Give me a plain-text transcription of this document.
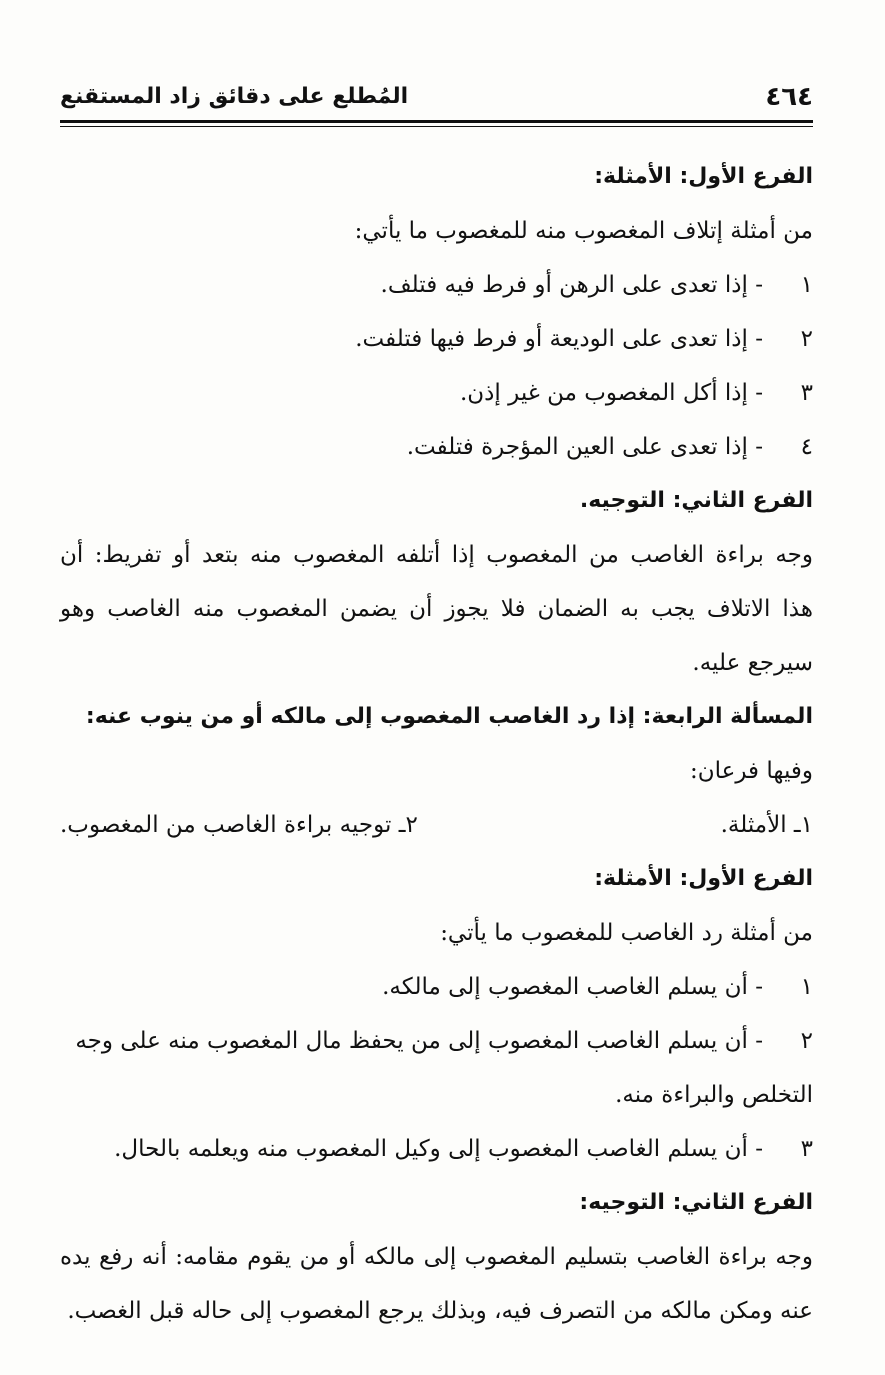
٤٦٤
المُطلع على دقائق زاد المستقنع
الفرع الأول: الأمثلة:
من أمثلة إتلاف المغصوب منه للمغصوب ما يأتي:
١
- إذا تعدى على الرهن أو فرط فيه فتلف.
٢
- إذا تعدى على الوديعة أو فرط فيها فتلفت.
٣
- إذا أكل المغصوب من غير إذن.
٤
- إذا تعدى على العين المؤجرة فتلفت.
الفرع الثاني: التوجيه.
وجه براءة الغاصب من المغصوب إذا أتلفه المغصوب منه بتعد أو تفريط: أن
هذا الاتلاف يجب به الضمان فلا يجوز أن يضمن المغصوب منه الغاصب وهو
سيرجع عليه.
المسألة الرابعة: إذا رد الغاصب المغصوب إلى مالكه أو من ينوب عنه:
وفيها فرعان:
١ـ الأمثلة.
٢ـ توجيه براءة الغاصب من المغصوب.
الفرع الأول: الأمثلة:
من أمثلة رد الغاصب للمغصوب ما يأتي:
١
- أن يسلم الغاصب المغصوب إلى مالكه.
٢
- أن يسلم الغاصب المغصوب إلى من يحفظ مال المغصوب منه على وجه
التخلص والبراءة منه.
٣
- أن يسلم الغاصب المغصوب إلى وكيل المغصوب منه ويعلمه بالحال.
الفرع الثاني: التوجيه:
وجه براءة الغاصب بتسليم المغصوب إلى مالكه أو من يقوم مقامه: أنه رفع يده
عنه ومكن مالكه من التصرف فيه، وبذلك يرجع المغصوب إلى حاله قبل الغصب.
